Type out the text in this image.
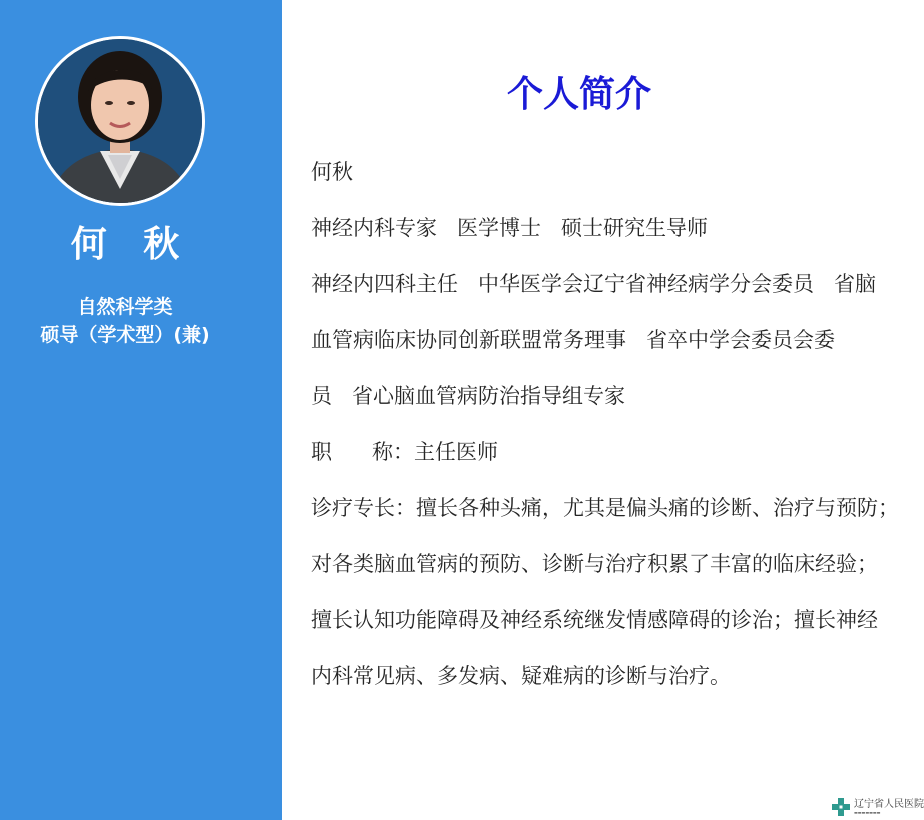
何 秋
自然科学类
硕导（学术型）(兼)
个人简介
何秋
神经内科专家   医学博士   硕士研究生导师
神经内四科主任   中华医学会辽宁省神经病学分会委员   省脑
血管病临床协同创新联盟常务理事   省卒中学会委员会委
员   省心脑血管病防治指导组专家
职      称：主任医师
诊疗专长：擅长各种头痛，尤其是偏头痛的诊断、治疗与预防；
对各类脑血管病的预防、诊断与治疗积累了丰富的临床经验；
擅长认知功能障碍及神经系统继发情感障碍的诊治；擅长神经
内科常见病、多发病、疑难病的诊断与治疗。
辽宁省人民医院
▬▬▬▬▬▬▬
